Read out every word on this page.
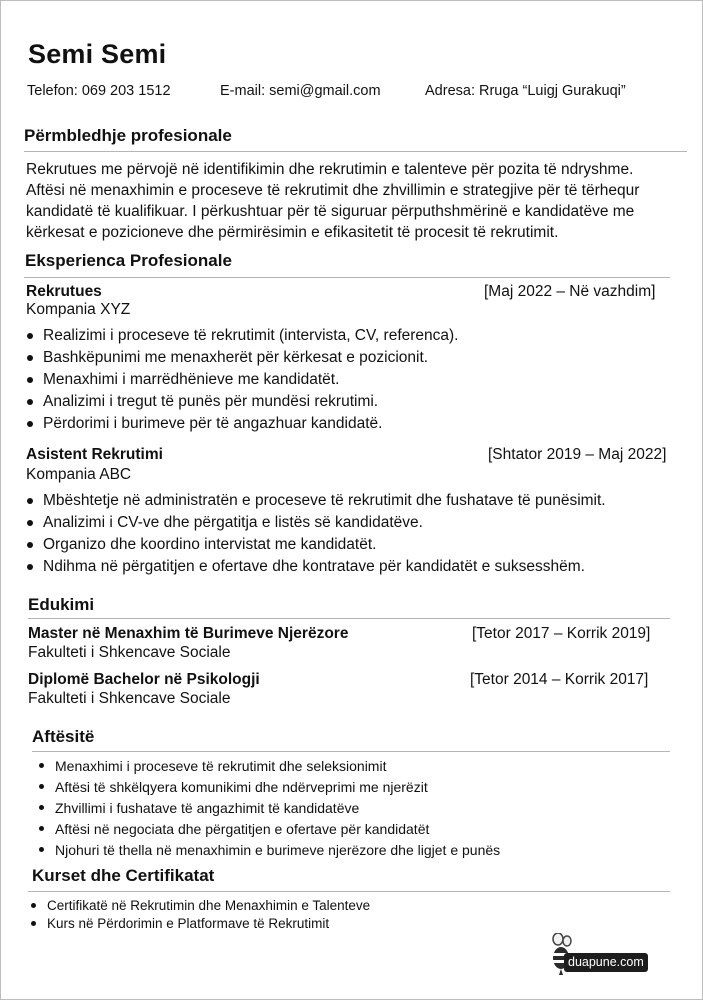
Semi Semi
Telefon: 069 203 1512	E-mail: semi@gmail.com	Adresa: Rruga “Luigj Gurakuqi”
Përmbledhje profesionale
Rekrutues me përvojë në identifikimin dhe rekrutimin e talenteve për pozita të ndryshme.
Aftësi në menaxhimin e proceseve të rekrutimit dhe zhvillimin e strategjive për të tërhequr
kandidatë të kualifikuar. I përkushtuar për të siguruar përputhshmërinë e kandidatëve me
kërkesat e pozicioneve dhe përmirësimin e efikasitetit të procesit të rekrutimit.
Eksperienca Profesionale
Rekrutues	[Maj 2022 – Në vazhdim]
Kompania XYZ
Realizimi i proceseve të rekrutimit (intervista, CV, referenca).
Bashkëpunimi me menaxherët për kërkesat e pozicionit.
Menaxhimi i marrëdhënieve me kandidatët.
Analizimi i tregut të punës për mundësi rekrutimi.
Përdorimi i burimeve për të angazhuar kandidatë.
Asistent Rekrutimi	[Shtator 2019 – Maj 2022]
Kompania ABC
Mbështetje në administratën e proceseve të rekrutimit dhe fushatave të punësimit.
Analizimi i CV-ve dhe përgatitja e listës së kandidatëve.
Organizo dhe koordino intervistat me kandidatët.
Ndihma në përgatitjen e ofertave dhe kontratave për kandidatët e suksesshëm.
Edukimi
Master në Menaxhim të Burimeve Njerëzore	[Tetor 2017 – Korrik 2019]
Fakulteti i Shkencave Sociale
Diplomë Bachelor në Psikologji	[Tetor 2014 – Korrik 2017]
Fakulteti i Shkencave Sociale
Aftësitë
Menaxhimi i proceseve të rekrutimit dhe seleksionimit
Aftësi të shkëlqyera komunikimi dhe ndërveprimi me njerëzit
Zhvillimi i fushatave të angazhimit të kandidatëve
Aftësi në negociata dhe përgatitjen e ofertave për kandidatët
Njohuri të thella në menaxhimin e burimeve njerëzore dhe ligjet e punës
Kurset dhe Certifikatat
Certifikatë në Rekrutimin dhe Menaxhimin e Talenteve
Kurs në Përdorimin e Platformave të Rekrutimit
duapune.com
